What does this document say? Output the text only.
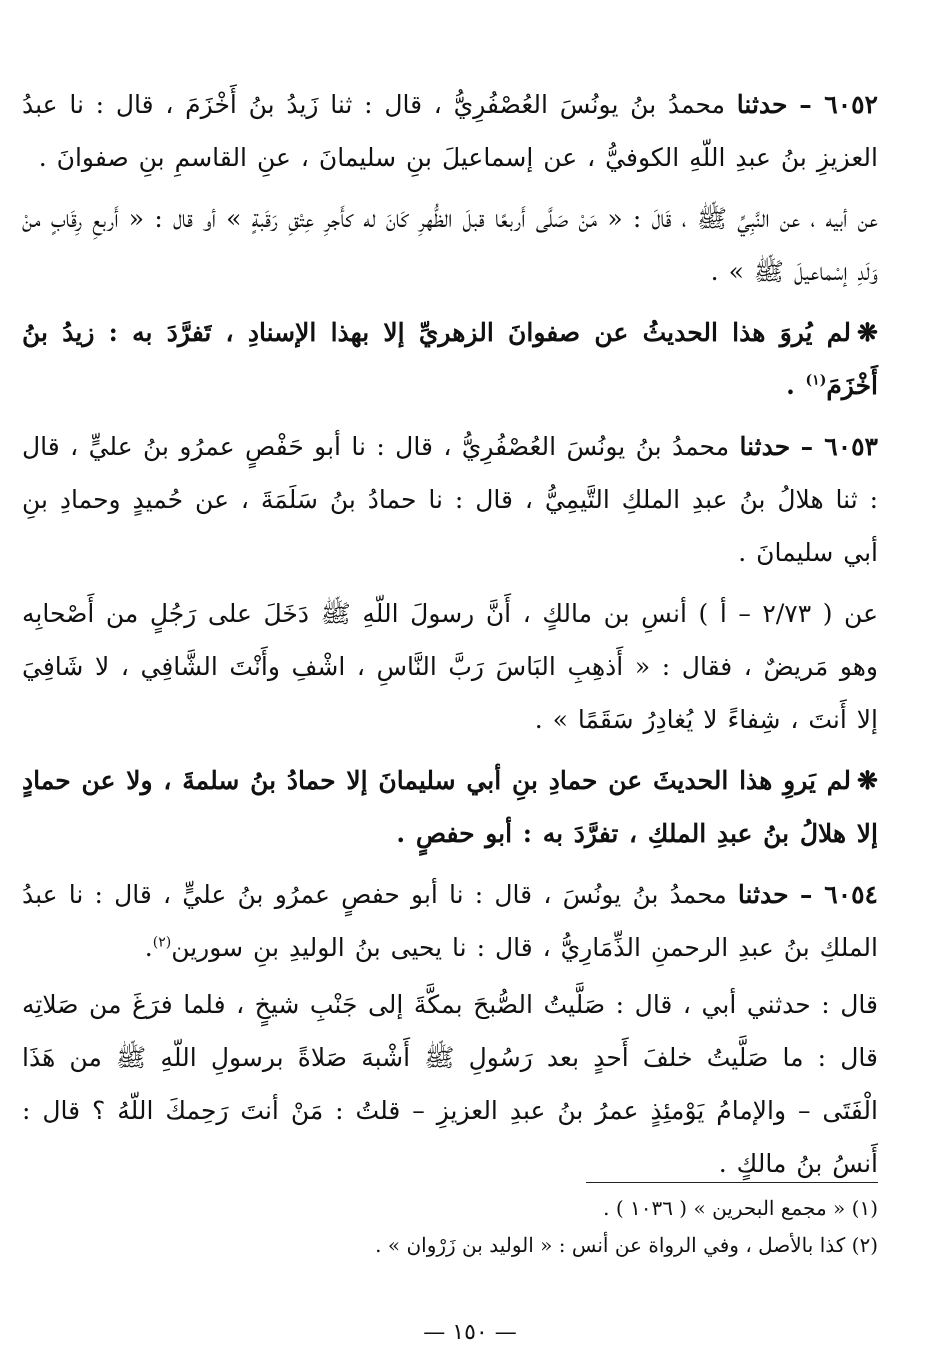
٦٠٥٢ – حدثنا محمدُ بنُ يونُسَ العُصْفُرِيُّ ، قال : ثنا زَيدُ بنُ أَخْزَمَ ، قال : نا عبدُ العزيزِ بنُ عبدِ اللّهِ الكوفيُّ ، عن إسماعيلَ بنِ سليمانَ ، عنِ القاسمِ بنِ صفوانَ .

عن أبيه ، عن النَّبِيِّ ﷺ ، قَالَ : « مَنْ صَلَّى أَربعًا قبلَ الظُّهرِ كَانَ له كأَجرِ عِتْقِ رَقَبةٍ » أو قال : « أَربعِ رِقَابٍ منْ وَلَدِ إسْماعيلَ ﷺ » .

❋لم يُروَ هذا الحديثُ عن صفوانَ الزهريِّ إلا بهذا الإسنادِ ، تَفرَّدَ به : زيدُ بنُ أَخْزَمَ$^{(١)}$ .

٦٠٥٣ – حدثنا محمدُ بنُ يونُسَ العُصْفُرِيُّ ، قال : نا أبو حَفْصٍ عمرُو بنُ عليٍّ ، قال : ثنا هلالُ بنُ عبدِ الملكِ التَّيمِيُّ ، قال : نا حمادُ بنُ سَلَمَةَ ، عن حُميدٍ وحمادِ بنِ أبي سليمانَ .

عن ( ٢/٧٣ – أ ) أنسِ بن مالكٍ ، أَنَّ رسولَ اللّهِ ﷺ دَخَلَ على رَجُلٍ من أَصْحابِه وهو مَريضٌ ، فقال : « أَذهِبِ البَاسَ رَبَّ النَّاسِ ، اشْفِ وأَنْتَ الشَّافِي ، لا شَافِيَ إلا أَنتَ ، شِفاءً لا يُغادِرُ سَقَمًا » .

❋لم يَروِ هذا الحديثَ عن حمادِ بنِ أبي سليمانَ إلا حمادُ بنُ سلمةَ ، ولا عن حمادٍ إلا هلالُ بنُ عبدِ الملكِ ، تفرَّدَ به : أبو حفصٍ .

٦٠٥٤ – حدثنا محمدُ بنُ يونُسَ ، قال : نا أبو حفصٍ عمرُو بنُ عليٍّ ، قال : نا عبدُ الملكِ بنُ عبدِ الرحمنِ الذِّمَارِيُّ ، قال : نا يحيى بنُ الوليدِ بنِ سورين$^{(٢)}$.

قال : حدثني أبي ، قال : صَلَّيتُ الصُّبحَ بمكَّةَ إلى جَنْبِ شيخٍ ، فلما فرَغَ من صَلاتِه قال : ما صَلَّيتُ خلفَ أَحدٍ بعد رَسُولِ ﷺ أَشْبهَ صَلاةً برسولِ اللّهِ ﷺ من هَذَا الْفَتَى – والإمامُ يَوْمئِذٍ عمرُ بنُ عبدِ العزيزِ – قلتُ : مَنْ أنتَ رَحِمكَ اللّهُ ؟ قال : أَنسُ بنُ مالكٍ .

(١) « مجمع البحرين » ( ١٠٣٦ ) .
(٢) كذا بالأصل ، وفي الرواة عن أنس : « الوليد بن زَرْوان » .
— ١٥٠ —
